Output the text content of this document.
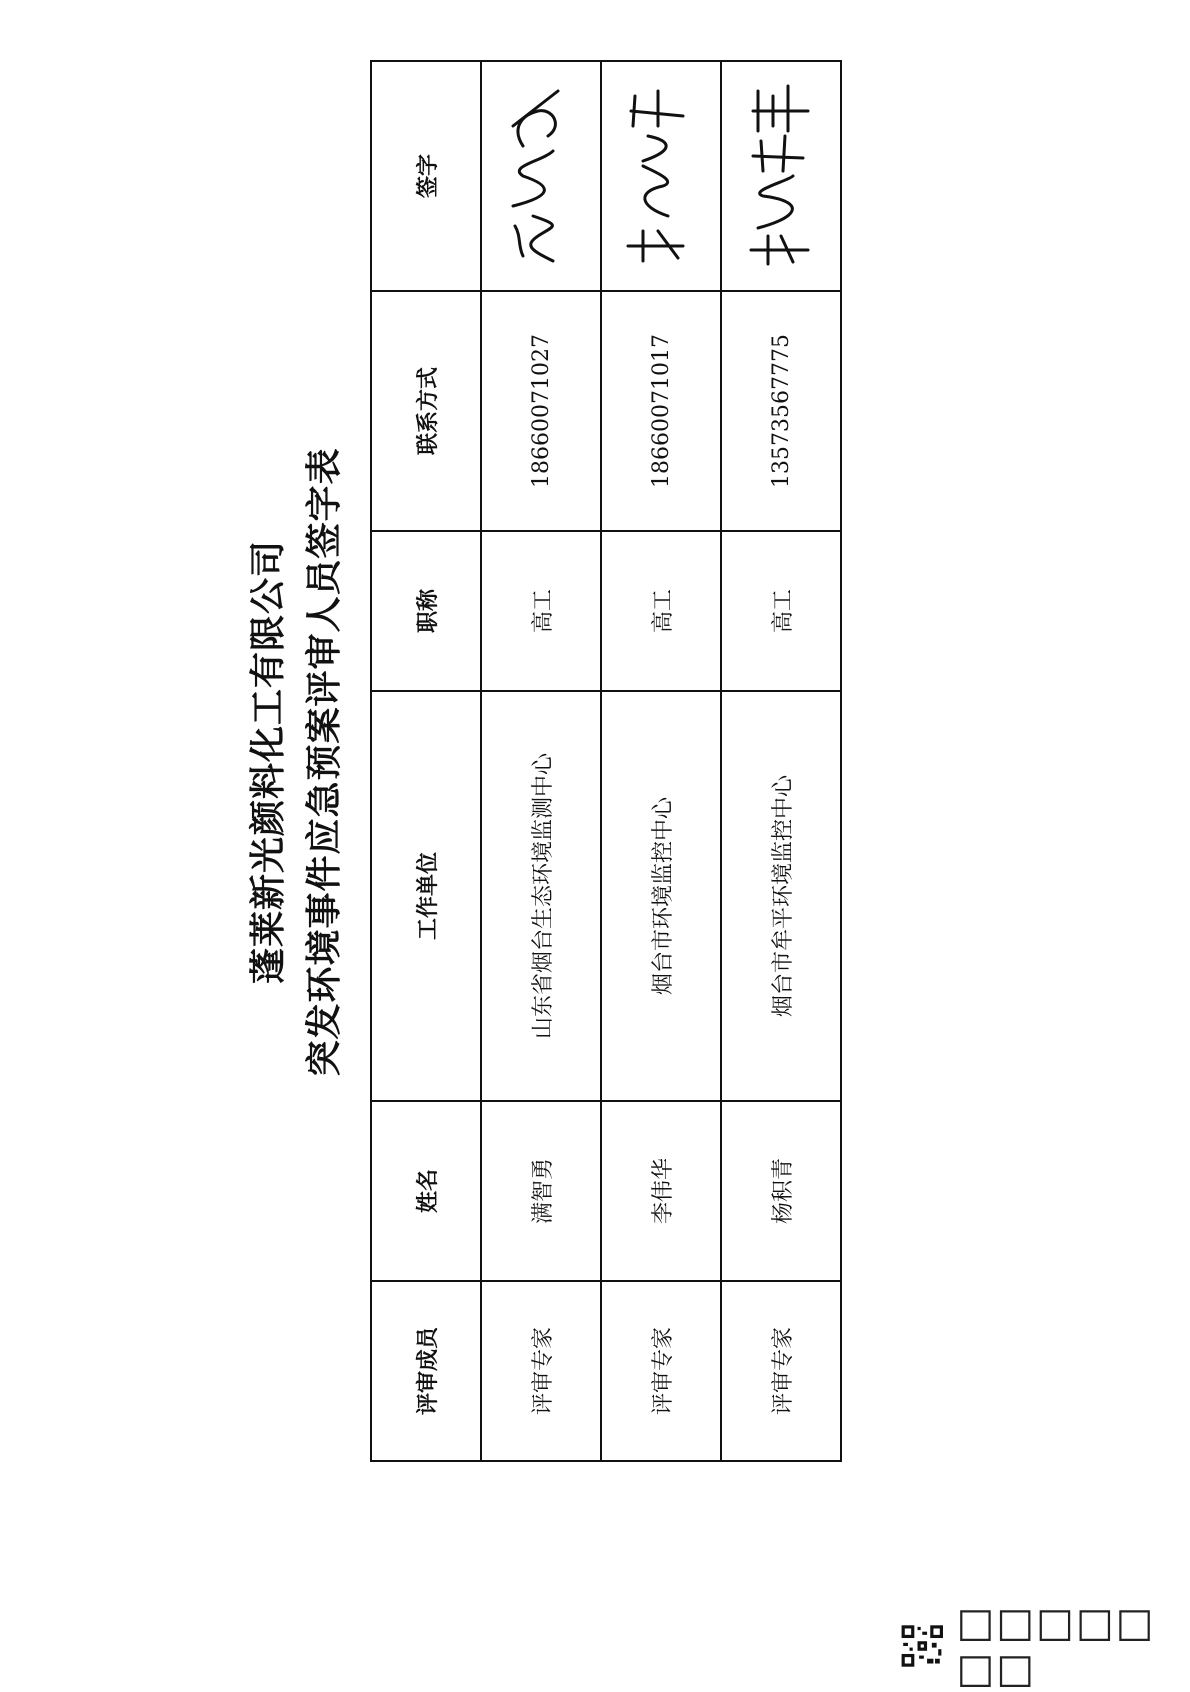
蓬莱新光颜料化工有限公司 突发环境事件应急预案评审人员签字表
评审成员	姓名	工作单位	职称	联系方式	签字
评审专家	满智勇	山东省烟台生态环境监测中心	高工	18660071027	
评审专家	李伟华	烟台市环境监控中心	高工	18660071017	
评审专家	杨积青	烟台市牟平环境监控中心	高工	13573567775	
□□□□□ □□
